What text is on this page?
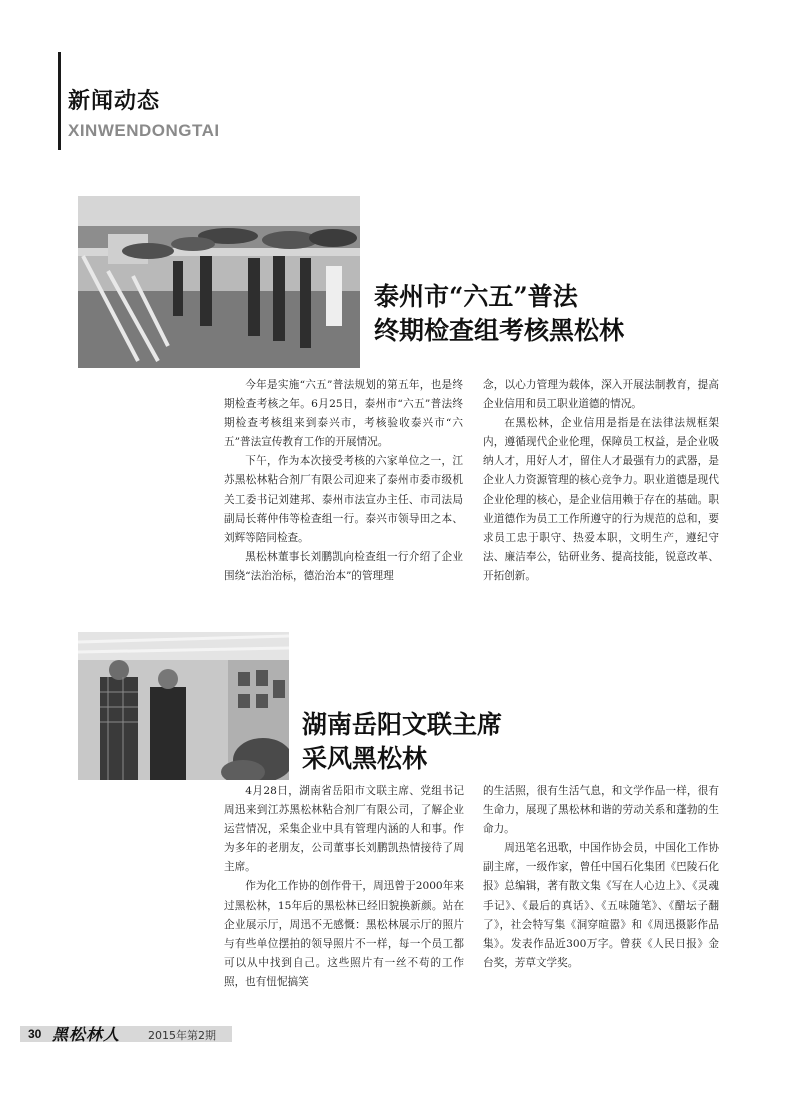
新闻动态
XINWENDONGTAI
泰州市“六五”普法
终期检查组考核黑松林

今年是实施“六五”普法规划的第五年，也是终期检查考核之年。6月25日，泰州市“六五”普法终期检查考核组来到泰兴市，考核验收泰兴市“六五”普法宣传教育工作的开展情况。

下午，作为本次接受考核的六家单位之一，江苏黑松林粘合剂厂有限公司迎来了泰州市委市级机关工委书记刘建邦、泰州市法宣办主任、市司法局副局长蒋仲伟等检查组一行。泰兴市领导田之本、刘辉等陪同检查。

黑松林董事长刘鹏凯向检查组一行介绍了企业围绕“法治治标，德治治本”的管理理

念，以心力管理为载体，深入开展法制教育，提高企业信用和员工职业道德的情况。

在黑松林，企业信用是指是在法律法规框架内，遵循现代企业伦理，保障员工权益，是企业吸纳人才，用好人才，留住人才最强有力的武器，是企业人力资源管理的核心竞争力。职业道德是现代企业伦理的核心，是企业信用赖于存在的基础。职业道德作为员工工作所遵守的行为规范的总和，要求员工忠于职守、热爱本职，文明生产，遵纪守法、廉洁奉公，钻研业务、提高技能，锐意改革、开拓创新。

湖南岳阳文联主席
采风黑松林

4月28日，湖南省岳阳市文联主席、党组书记周迅来到江苏黑松林粘合剂厂有限公司，了解企业运营情况，采集企业中具有管理内涵的人和事。作为多年的老朋友，公司董事长刘鹏凯热情接待了周主席。

作为化工作协的创作骨干，周迅曾于2000年来过黑松林，15年后的黑松林已经旧貌换新颜。站在企业展示厅，周迅不无感慨：黑松林展示厅的照片与有些单位摆拍的领导照片不一样，每一个员工都可以从中找到自己。这些照片有一丝不苟的工作照，也有忸怩搞笑

的生活照，很有生活气息，和文学作品一样，很有生命力，展现了黑松林和谐的劳动关系和蓬勃的生命力。

周迅笔名迅歌，中国作协会员，中国化工作协副主席，一级作家，曾任中国石化集团《巴陵石化报》总编辑，著有散文集《写在人心边上》、《灵魂手记》、《最后的真话》、《五味随笔》、《醋坛子翻了》，社会特写集《洞穿暄嚣》和《周迅摄影作品集》。发表作品近300万字。曾获《人民日报》金台奖，芳草文学奖。

30 黑松林人	2015年第2期
